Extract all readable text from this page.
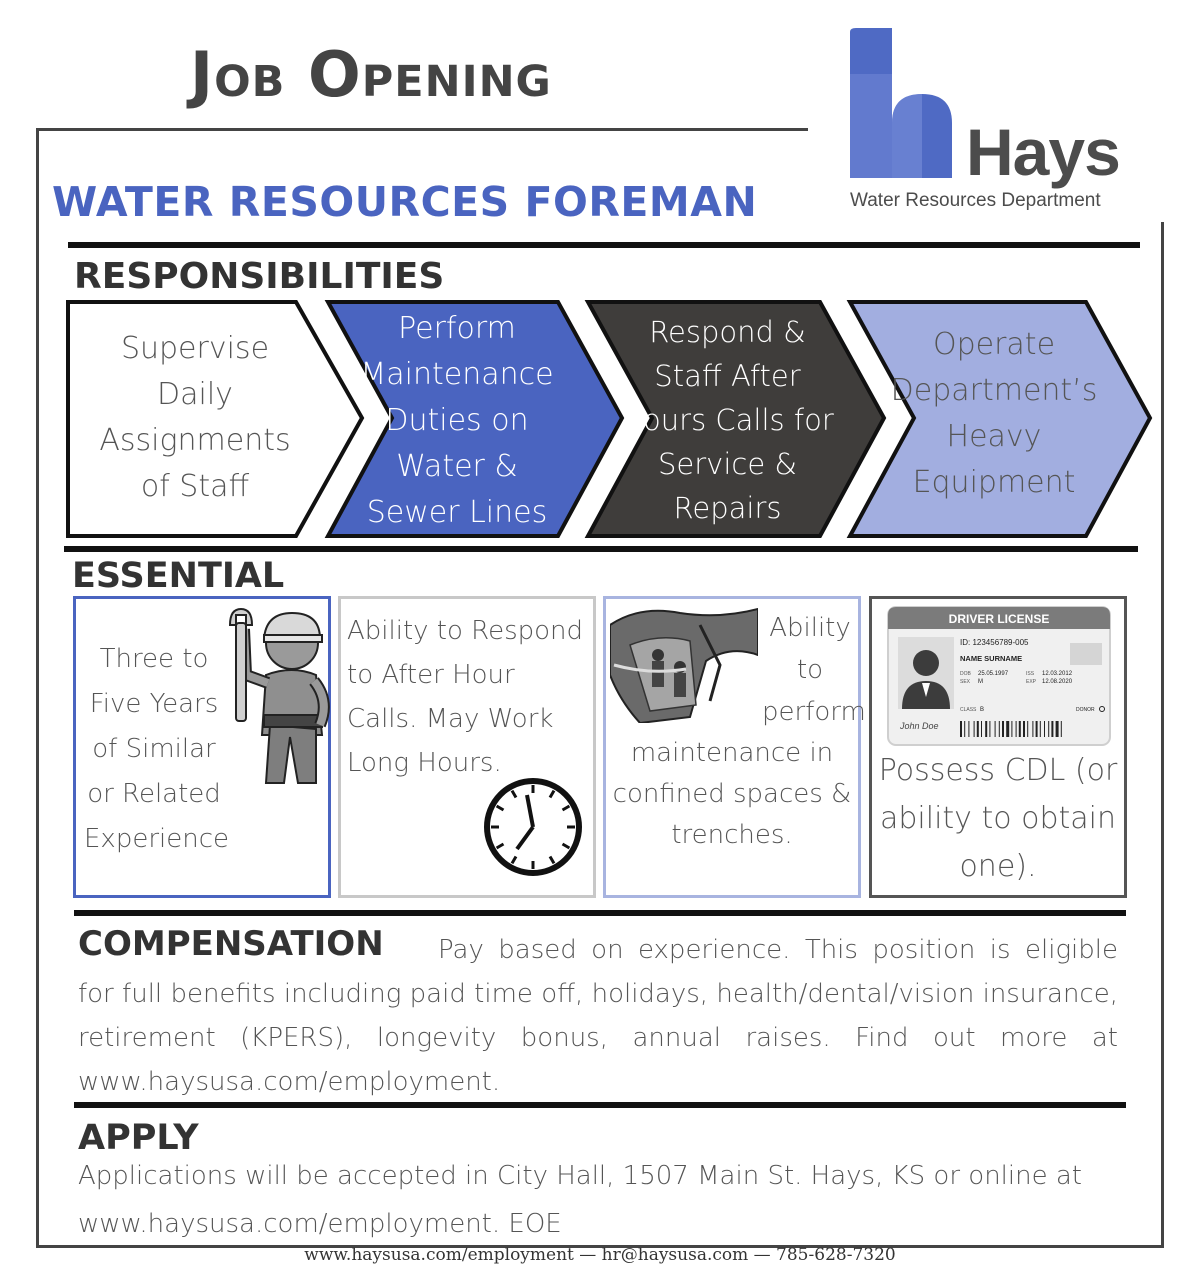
Job Opening
Hays
Water Resources Department
WATER RESOURCES FOREMAN
RESPONSIBILITIES
Supervise Daily Assignments of Staff
Perform Maintenance Duties on Water & Sewer Lines
Respond & Staff After Hours Calls for Service & Repairs
Operate Department’s Heavy Equipment
ESSENTIAL
Three to Five Years of Similar or Related Experience
Ability to Respond to After Hour Calls. May Work Long Hours.
Ability to perform
maintenance in confined spaces & trenches.
DRIVER LICENSE
ID: 123456789-005
NAME SURNAME
DOB 25.05.1997
SEX M
ISS 12.03.2012
EXP 12.08.2020
CLASS B	DONOR
John Doe
Possess CDL (or ability to obtain one).
COMPENSATION	Pay based on experience. This position is eligible for full benefits including paid time off, holidays, health/dental/vision insurance, retirement (KPERS), longevity bonus, annual raises. Find out more at www.haysusa.com/employment.
APPLY
Applications will be accepted in City Hall, 1507 Main St. Hays, KS or online at www.haysusa.com/employment. EOE
www.haysusa.com/employment — hr@haysusa.com — 785-628-7320
